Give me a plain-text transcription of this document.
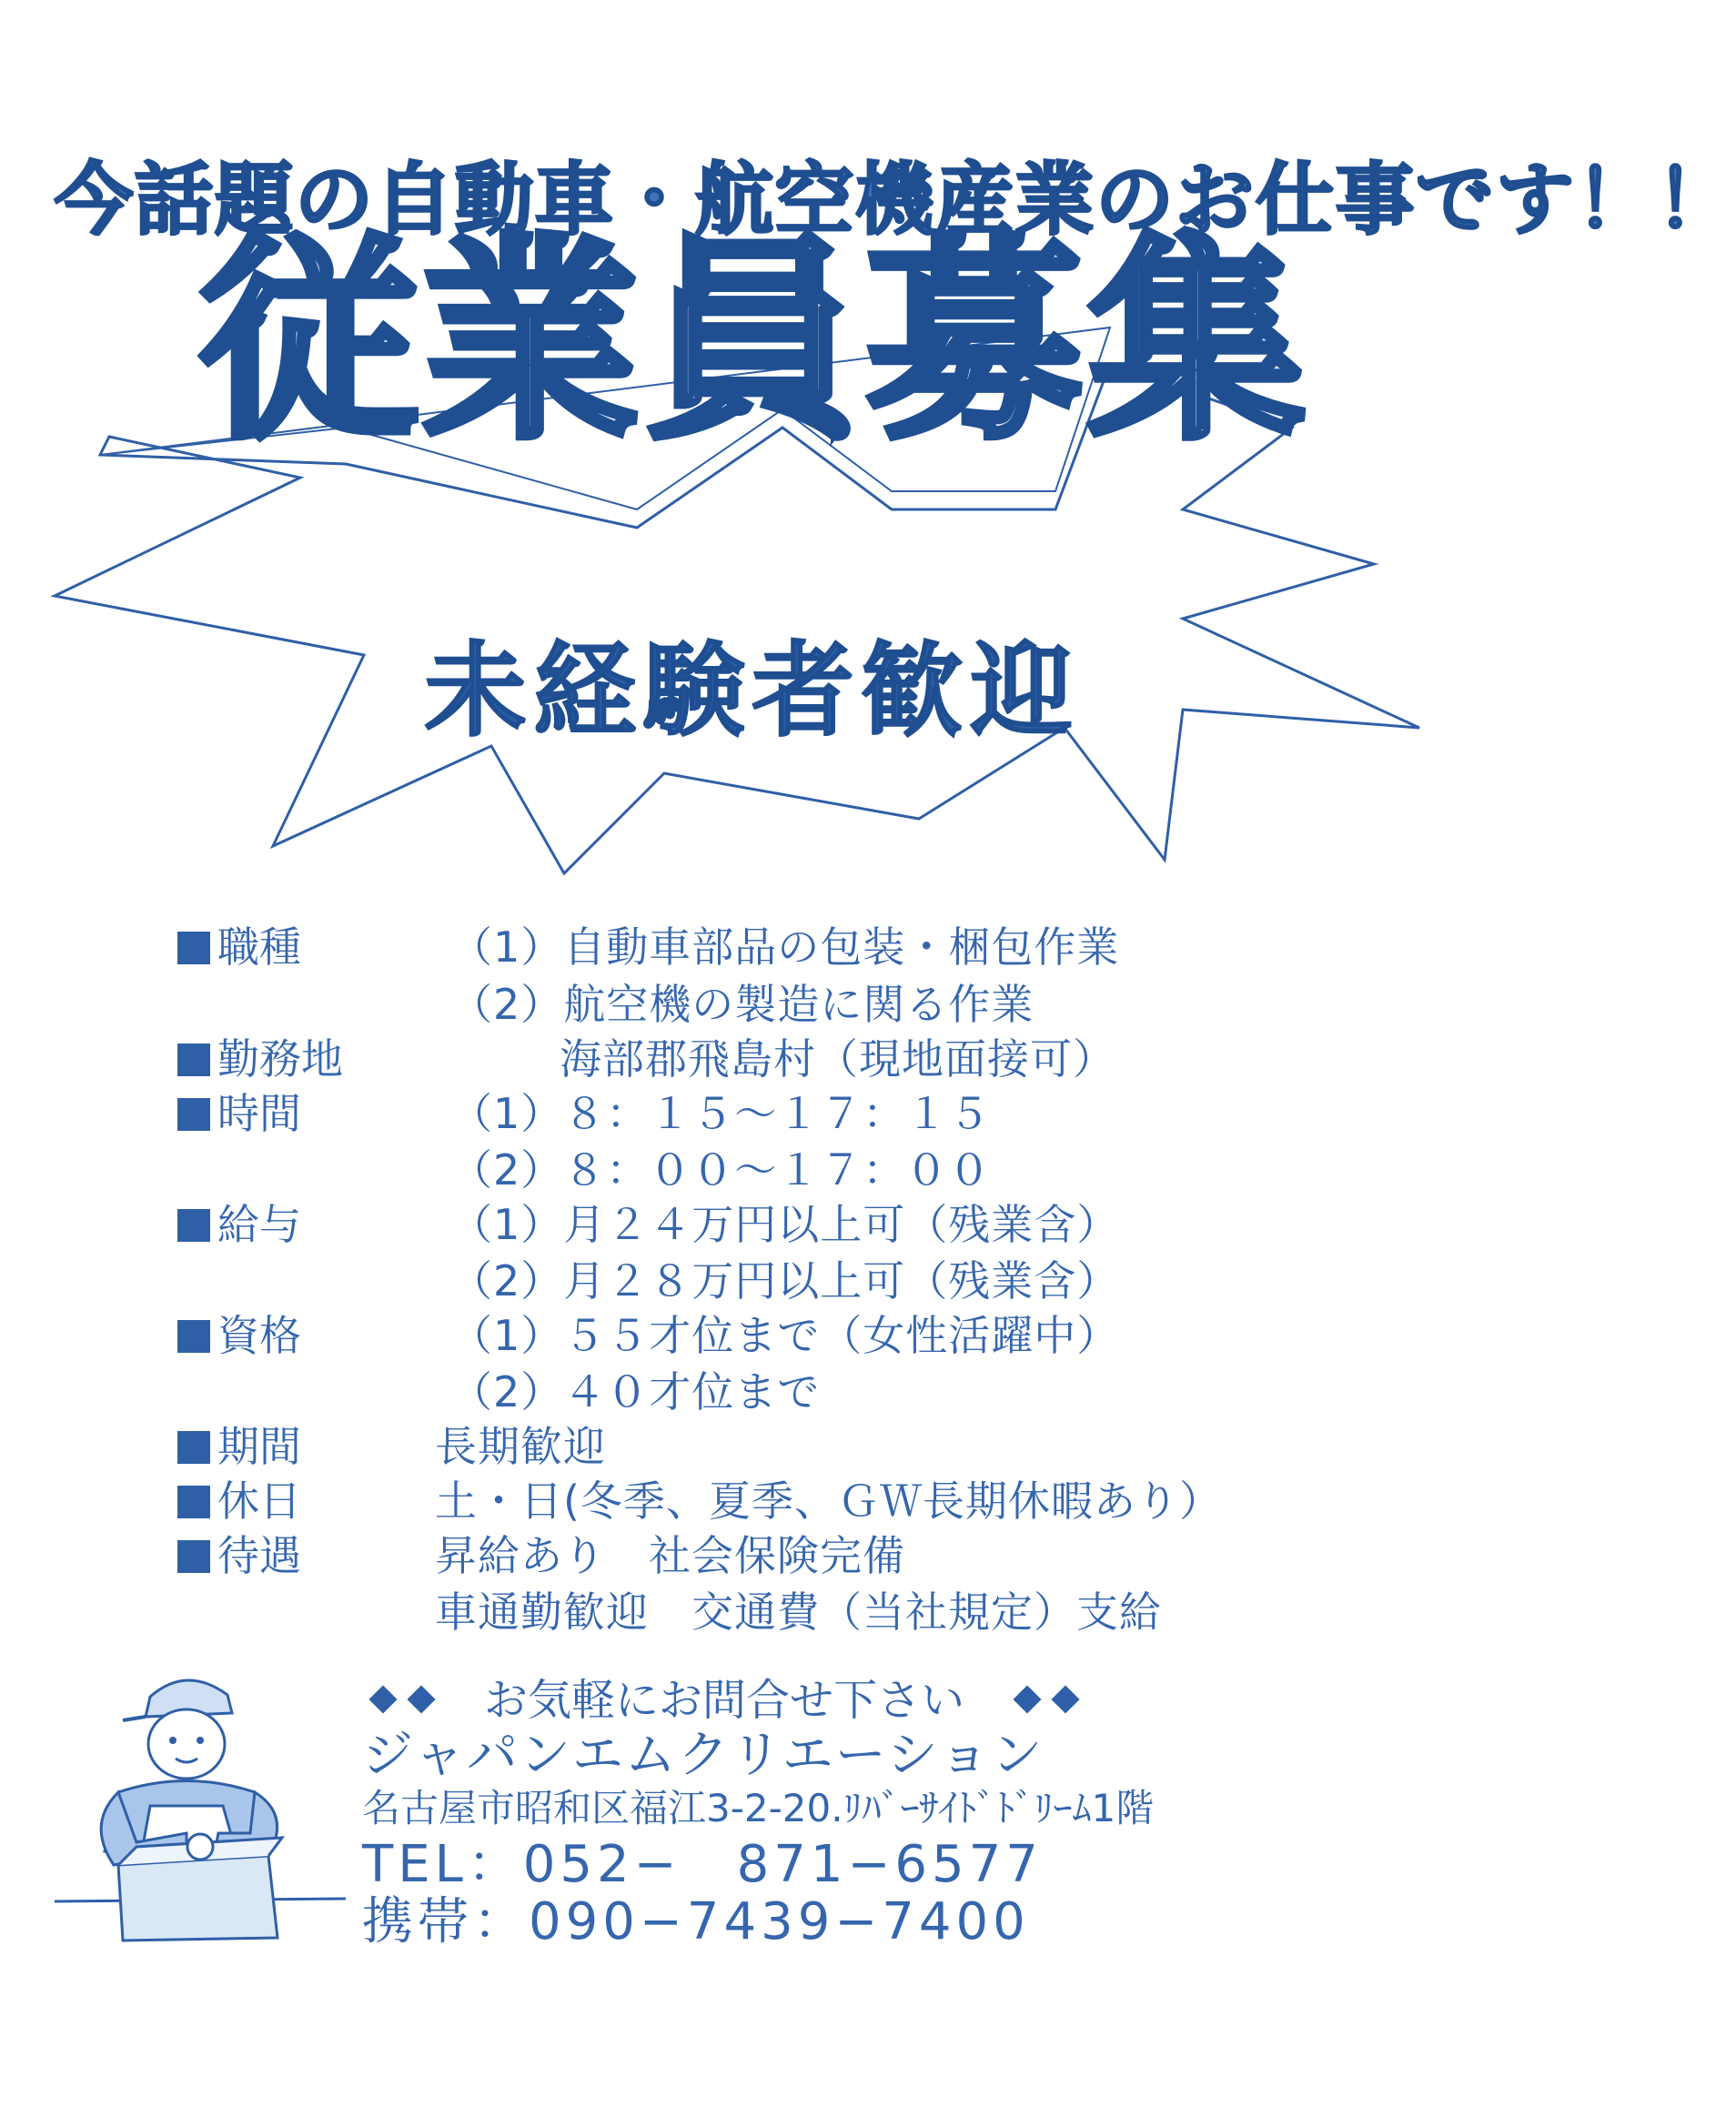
今話題の自動車・航空機産業のお仕事です！！
従業員募集
未経験者歓迎
職種	（1）自動車部品の包装・梱包作業
（2）航空機の製造に関る作業
勤務地	海部郡飛島村（現地面接可）
時間	（1）８：１５〜１７：１５
（2）８：００〜１７：００
給与	（1）月２４万円以上可（残業含）
（2）月２８万円以上可（残業含）
資格	（1）５５才位まで（女性活躍中）
（2）４０才位まで
期間	長期歓迎
休日	土・日(冬季、夏季、ＧＷ長期休暇あり）
待遇	昇給あり　社会保険完備
車通勤歓迎　交通費（当社規定）支給
　お気軽にお問合せ下さい　
ジャパンエムクリエーション
名古屋市昭和区福江3-2-20.ﾘﾊﾞｰｻｲﾄﾞﾄﾞﾘｰﾑ1階
TEL：052−　871−6577
携帯：090−7439−7400
